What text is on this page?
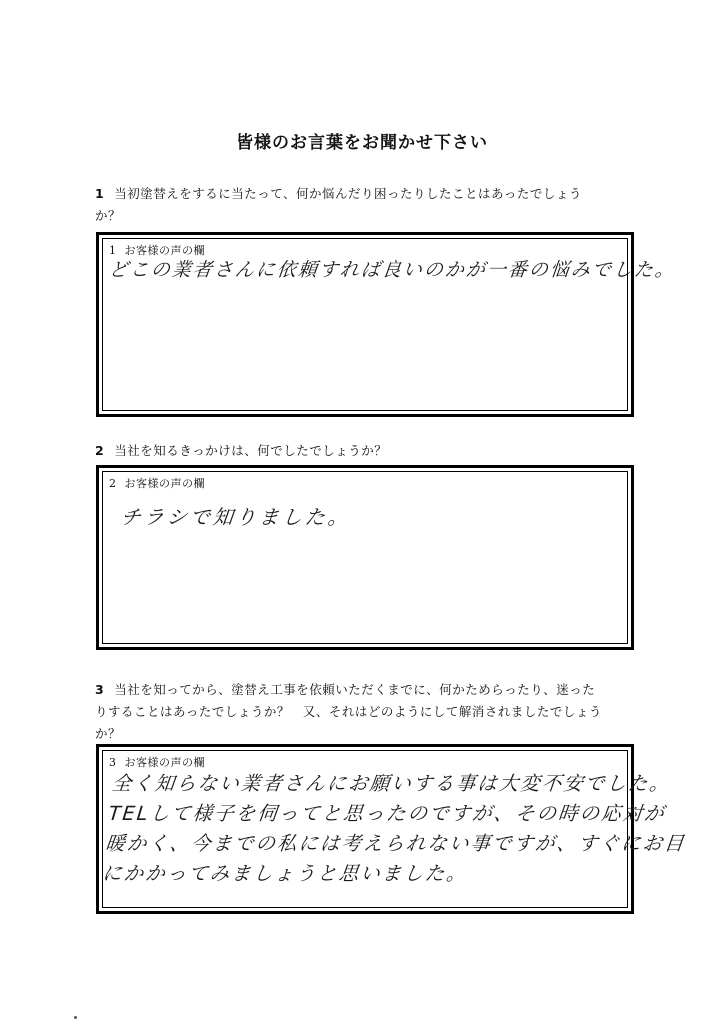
皆様のお言葉をお聞かせ下さい
1 当初塗替えをするに当たって、何か悩んだり困ったりしたことはあったでしょう
か？
1 お客様の声の欄
どこの業者さんに依頼すれば良いのかが一番の悩みでした。
2 当社を知るきっかけは、何でしたでしょうか？
2 お客様の声の欄
チラシで知りました。
3 当社を知ってから、塗替え工事を依頼いただくまでに、何かためらったり、迷った
りすることはあったでしょうか？　又、それはどのようにして解消されましたでしょう
か？
3 お客様の声の欄
全く知らない業者さんにお願いする事は大変不安でした。
TELして様子を伺ってと思ったのですが、その時の応対が
暖かく、今までの私には考えられない事ですが、すぐにお目
にかかってみましょうと思いました。
